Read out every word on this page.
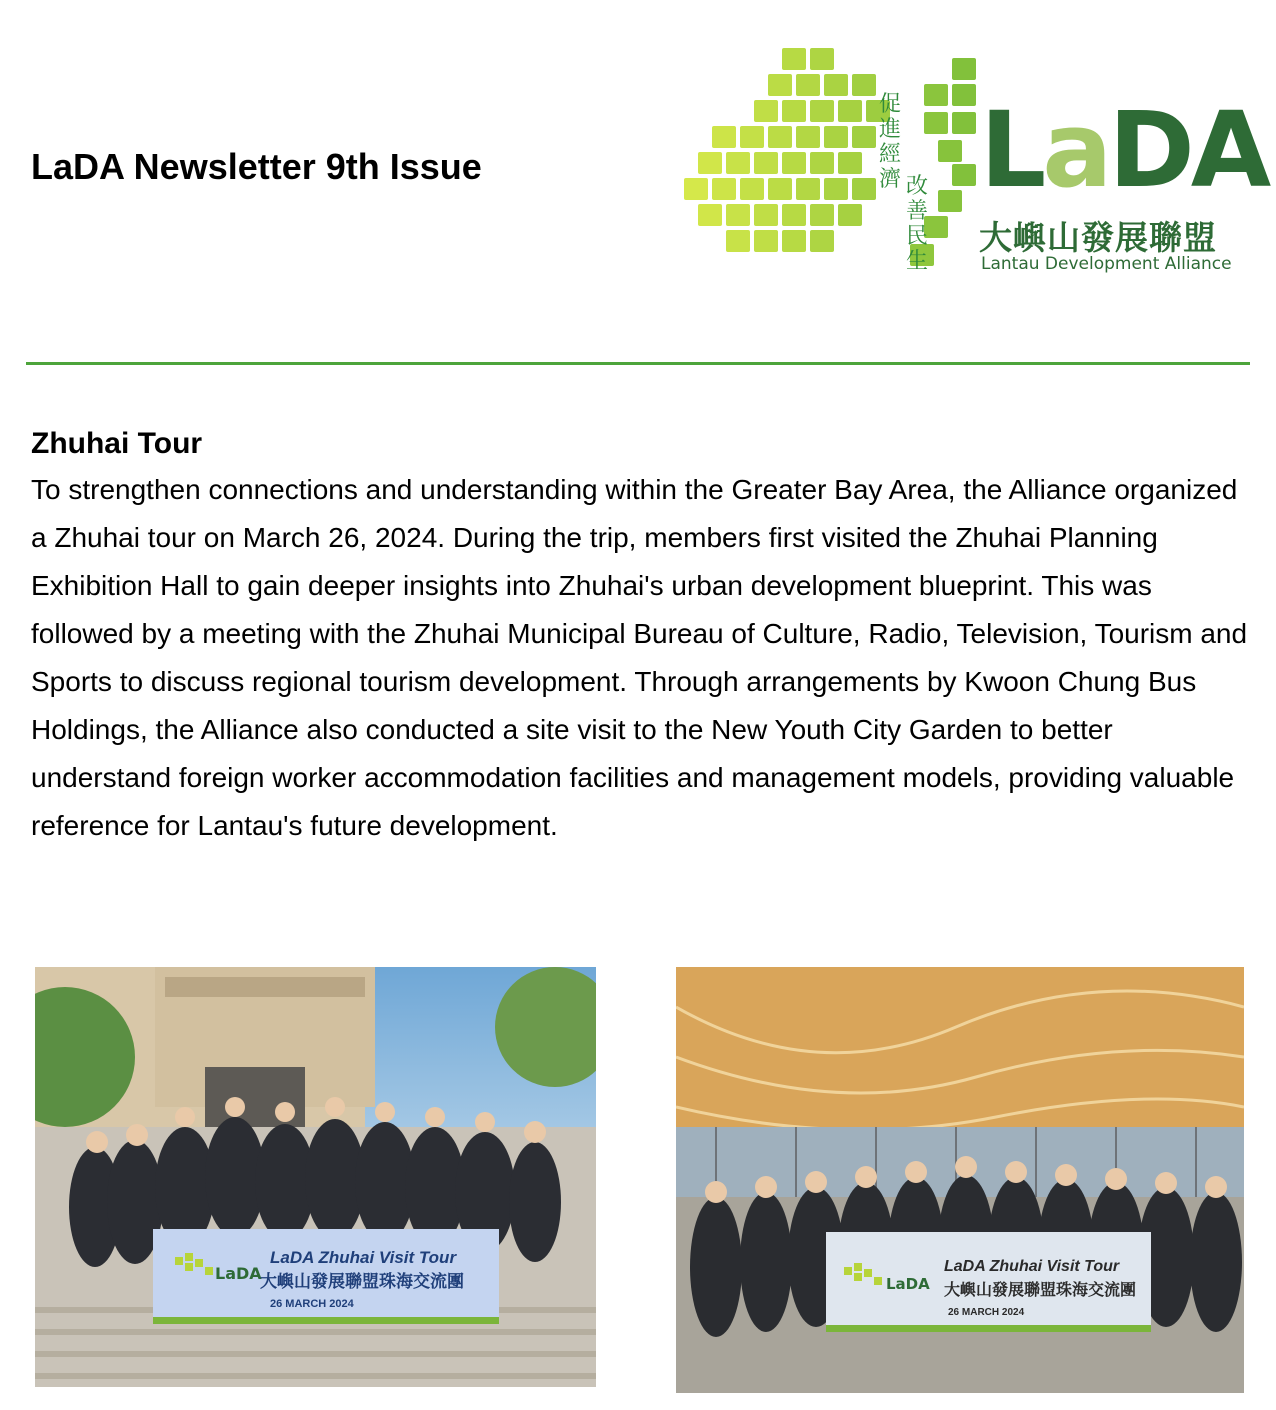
LaDA Newsletter 9th Issue
促進經濟 改善民生
LaDA
大嶼山發展聯盟
Lantau Development Alliance
Zhuhai Tour

To strengthen connections and understanding within the Greater Bay Area, the Alliance organized a Zhuhai tour on March 26, 2024. During the trip, members first visited the Zhuhai Planning Exhibition Hall to gain deeper insights into Zhuhai's urban development blueprint. This was followed by a meeting with the Zhuhai Municipal Bureau of Culture, Radio, Television, Tourism and Sports to discuss regional tourism development. Through arrangements by Kwoon Chung Bus Holdings, the Alliance also conducted a site visit to the New Youth City Garden to better understand foreign worker accommodation facilities and management models, providing valuable reference for Lantau's future development.

LaDA
LaDA Zhuhai Visit Tour
大嶼山發展聯盟珠海交流團
26 MARCH 2024
LaDA
LaDA Zhuhai Visit Tour
大嶼山發展聯盟珠海交流團
26 MARCH 2024
